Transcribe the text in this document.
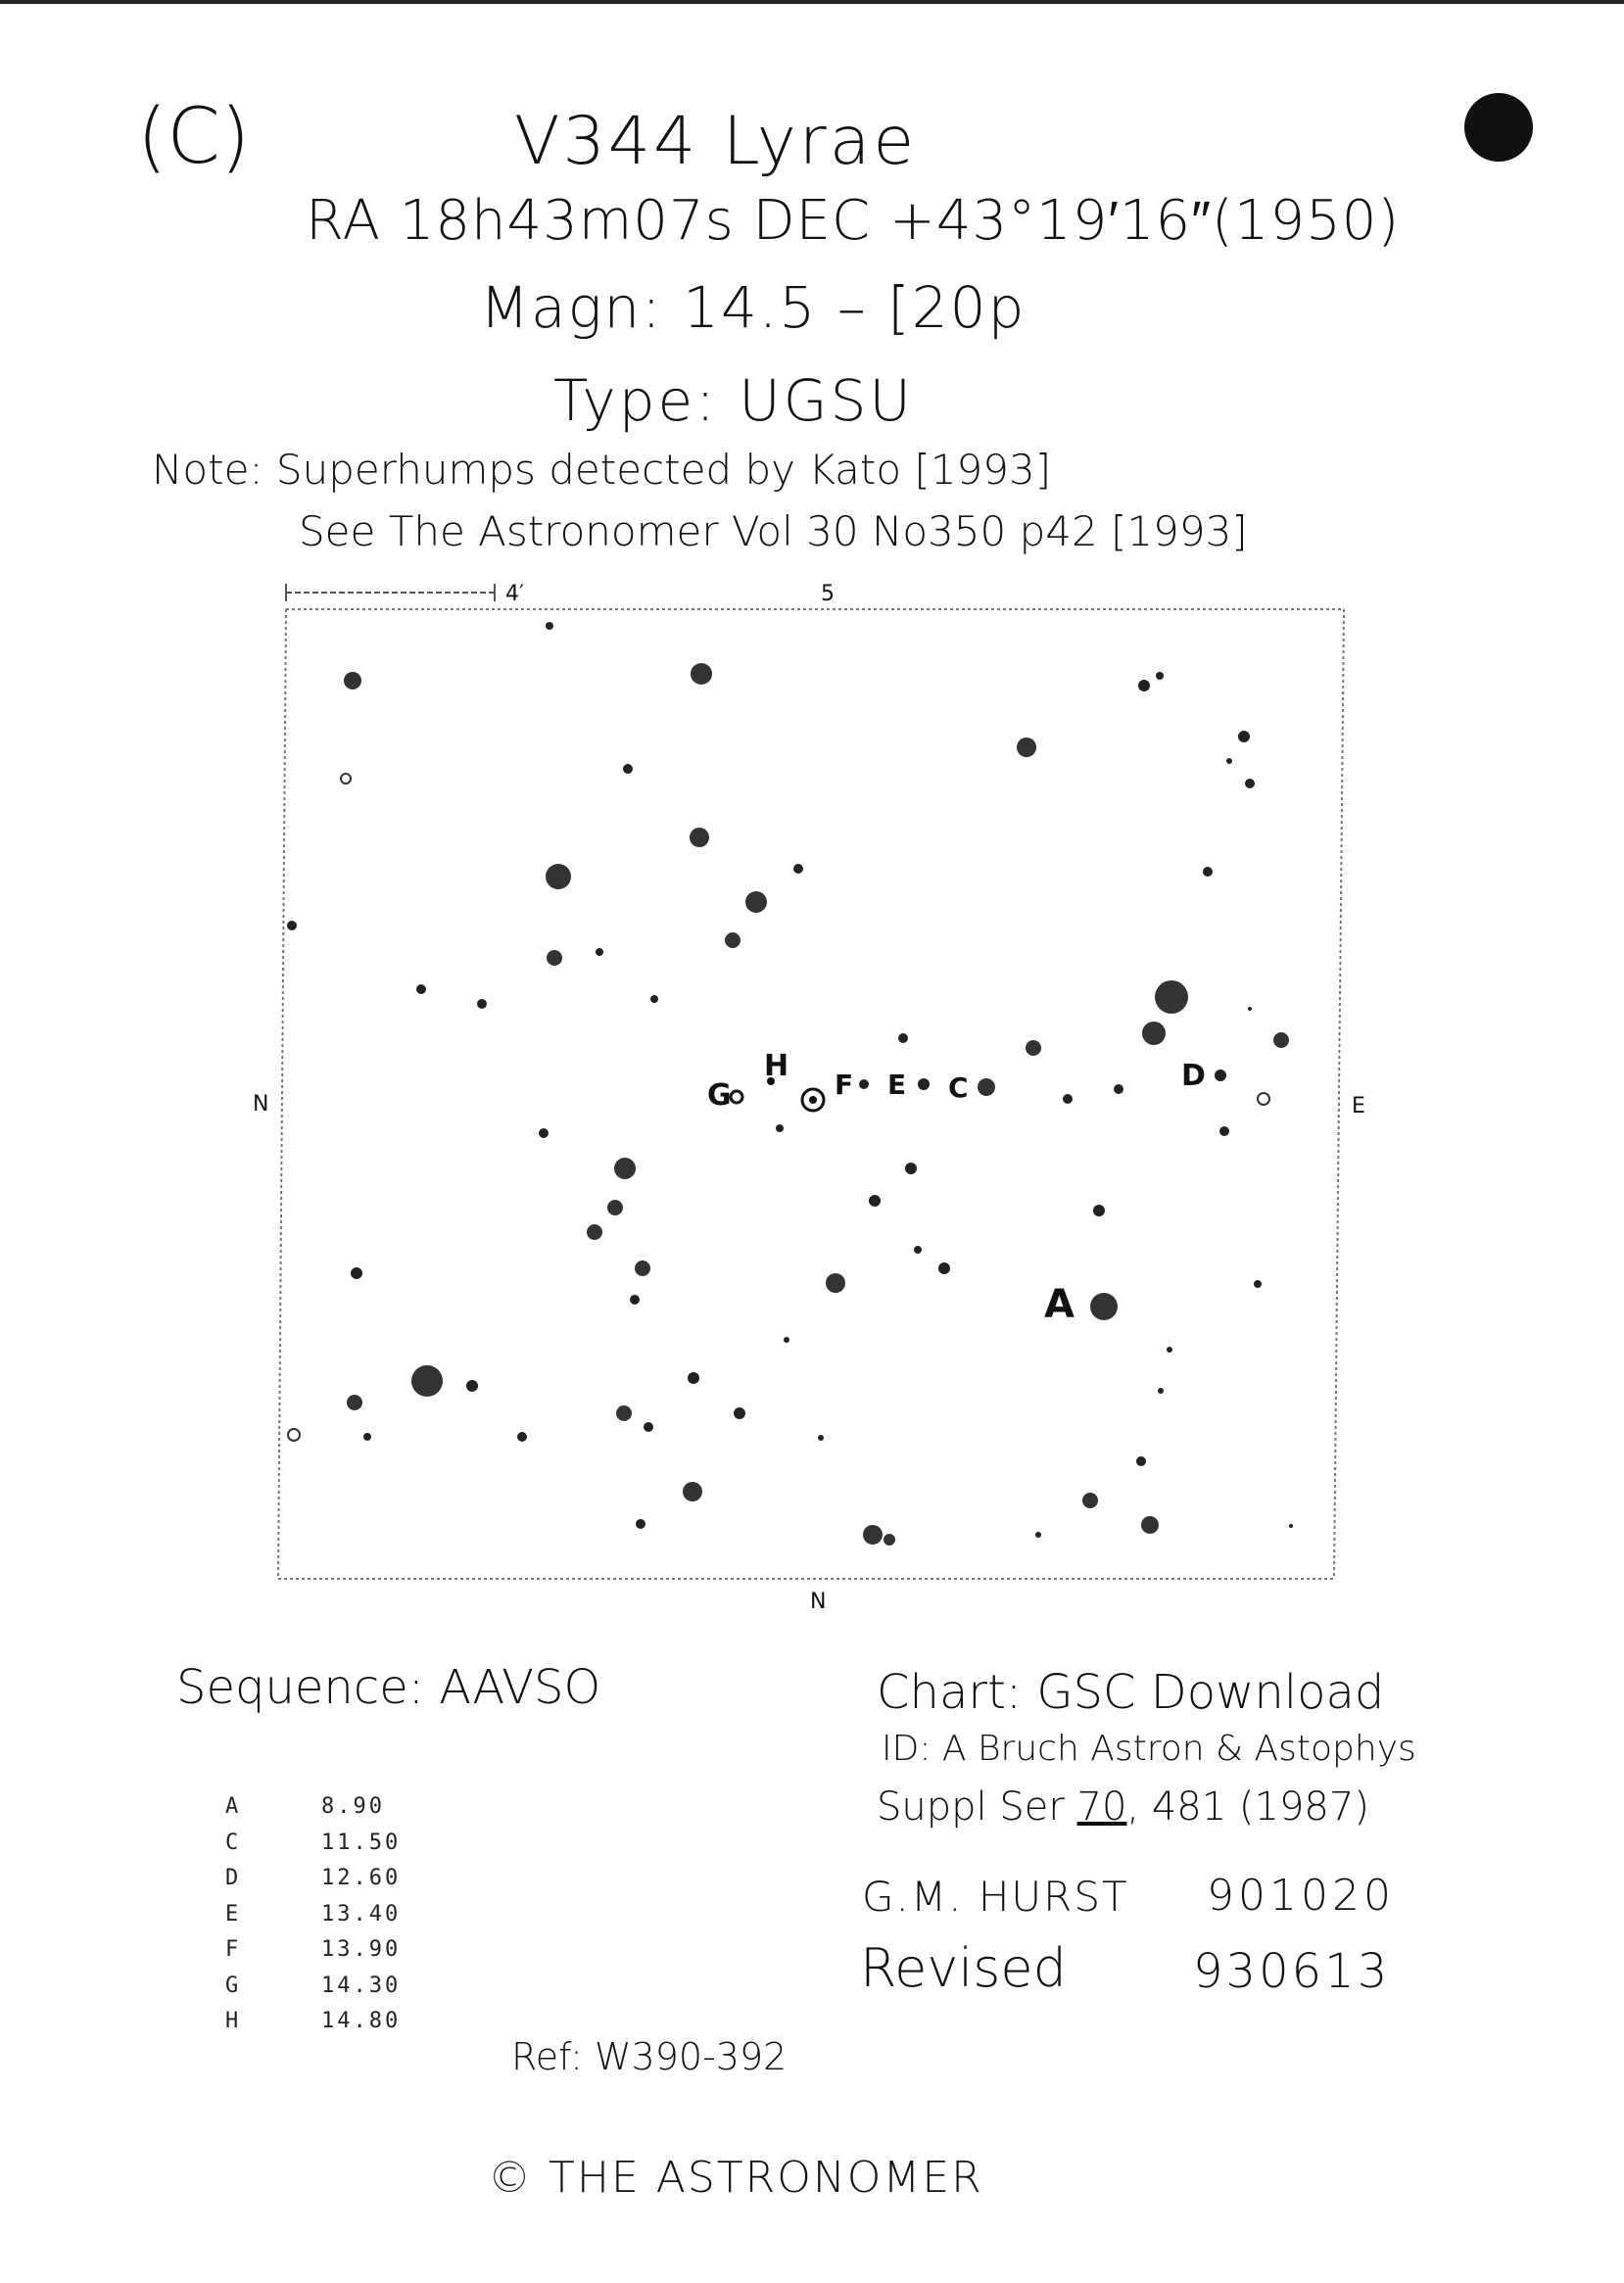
(C)	V344 Lyrae
RA 18h43m07s DEC +43°19′16″(1950)
Magn: 14.5 – [20p
Type: UGSU
Note: Superhumps detected by Kato [1993]
See The Astronomer Vol 30 No350 p42 [1993]
4′	5
N	E
N
G
H
F E C	D
A
Sequence: AAVSO
A	8.90
C	11.50
D	12.60
E	13.40
F	13.90
G	14.30
H	14.80
Chart: GSC Download
ID: A Bruch Astron & Astophys
Suppl Ser 70, 481 (1987)
G.M. HURST 901020
Revised	930613
Ref: W390-392
© THE ASTRONOMER
